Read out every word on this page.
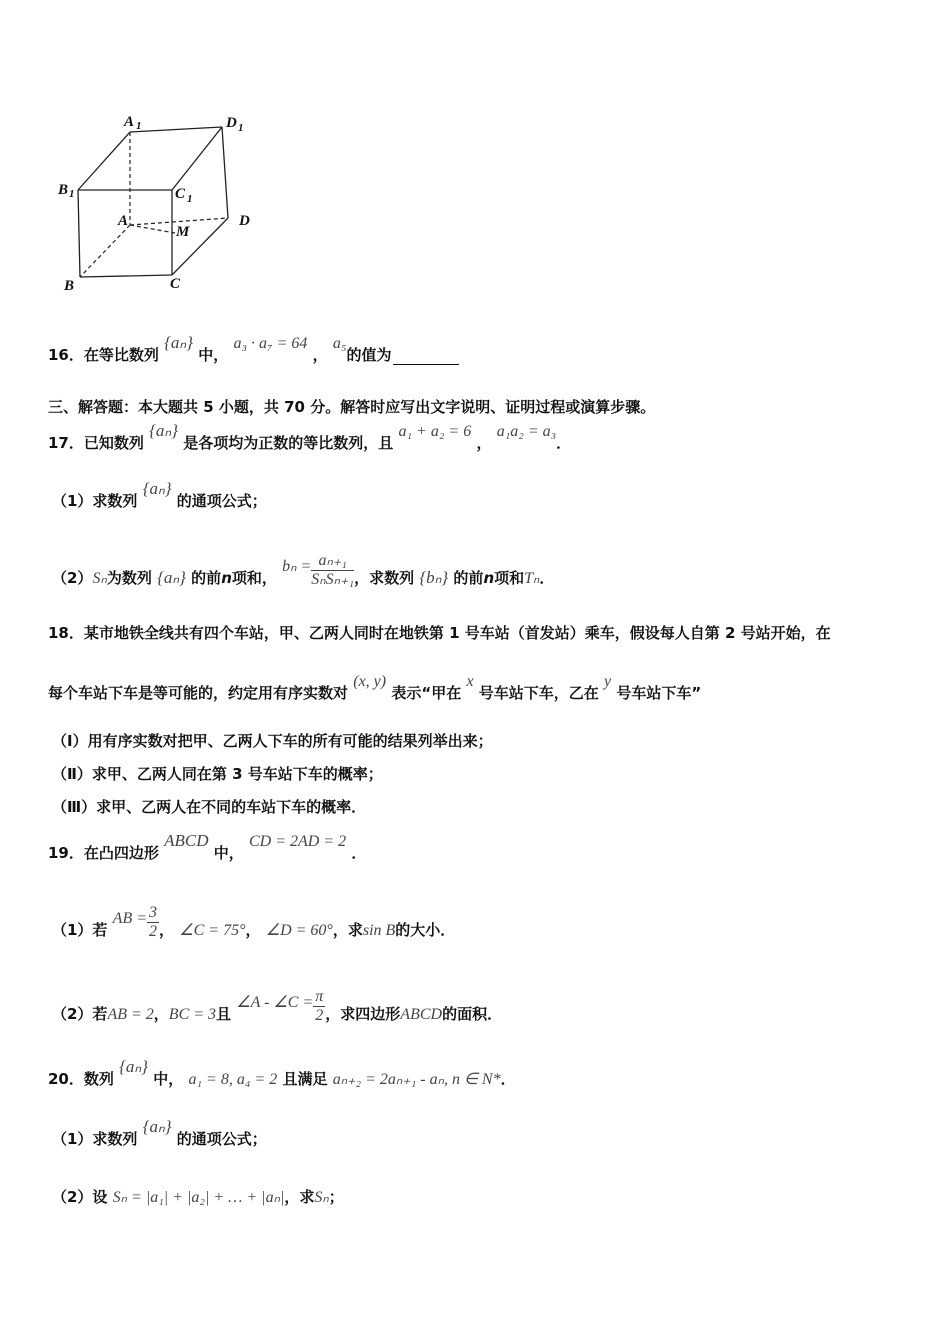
A 1	D 1
B 1	C 1
A
M
D
B	C
16．在等比数列 {aₙ} 中， a₃ · a₇ = 64 ， a₅的值为
三、解答题：本大题共 5 小题，共 70 分。解答时应写出文字说明、证明过程或演算步骤。
17．已知数列 {aₙ} 是各项均为正数的等比数列，且 a₁ + a₂ = 6 ， a₁a₂ = a₃．
（1）求数列 {aₙ} 的通项公式；
（2）Sₙ为数列 {aₙ} 的前n项和， $b_n = \frac{\text{aₙ₊₁}}{\text{SₙSₙ₊₁}}$ ，求数列 {bₙ} 的前n项和Tₙ．
18．某市地铁全线共有四个车站，甲、乙两人同时在地铁第 1 号车站（首发站）乘车，假设每人自第 2 号站开始，在
每个车站下车是等可能的，约定用有序实数对 (x, y) 表示“甲在 x 号车站下车，乙在 y 号车站下车”
（Ⅰ）用有序实数对把甲、乙两人下车的所有可能的结果列举出来；
（Ⅱ）求甲、乙两人同在第 3 号车站下车的概率；
（Ⅲ）求甲、乙两人在不同的车站下车的概率．
19．在凸四边形 ABCD 中， CD = 2AD = 2 ．
（1）若 AB = $\frac{3}{2}$ ， ∠C = 75°， ∠D = 60°，求sin B的大小．
（2）若AB = 2，BC = 3且 ∠A - ∠C = $\frac{\pi}{2}$ ，求四边形ABCD的面积．
20．数列 {aₙ} 中， a₁ = 8, a₄ = 2 且满足 aₙ₊₂ = 2aₙ₊₁ - aₙ, n ∈ N*．
（1）求数列 {aₙ} 的通项公式；
（2）设 Sₙ = |a₁| + |a₂| + … + |aₙ|，求Sₙ；
